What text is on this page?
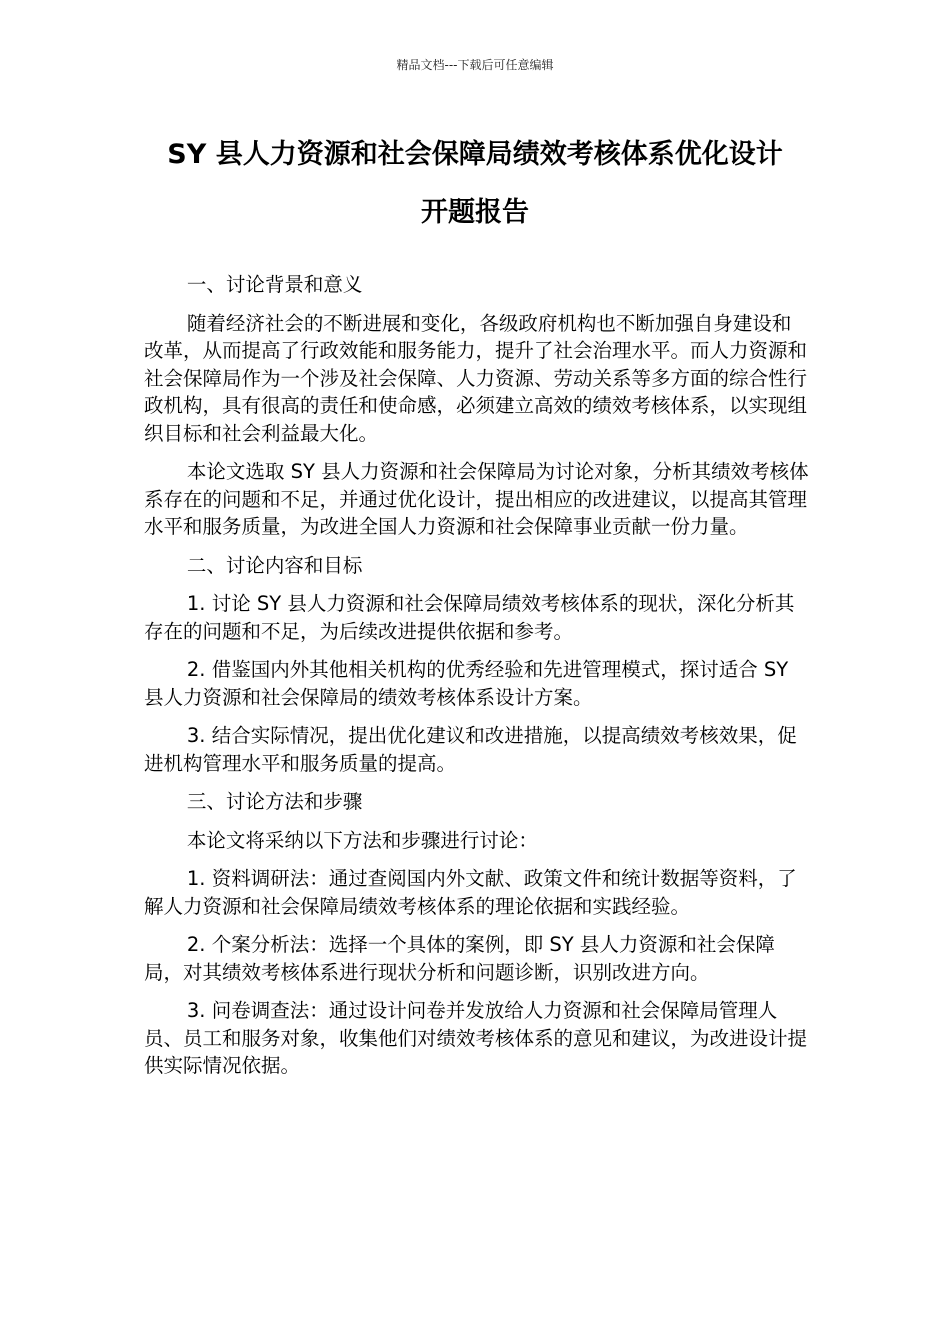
精品文档---下载后可任意编辑
SY 县人力资源和社会保障局绩效考核体系优化设计
开题报告

一、讨论背景和意义

随着经济社会的不断进展和变化，各级政府机构也不断加强自身建设和改革，从而提高了行政效能和服务能力，提升了社会治理水平。而人力资源和社会保障局作为一个涉及社会保障、人力资源、劳动关系等多方面的综合性行政机构，具有很高的责任和使命感，必须建立高效的绩效考核体系，以实现组织目标和社会利益最大化。

本论文选取 SY 县人力资源和社会保障局为讨论对象，分析其绩效考核体系存在的问题和不足，并通过优化设计，提出相应的改进建议，以提高其管理水平和服务质量，为改进全国人力资源和社会保障事业贡献一份力量。

二、讨论内容和目标

1. 讨论 SY 县人力资源和社会保障局绩效考核体系的现状，深化分析其存在的问题和不足，为后续改进提供依据和参考。

2. 借鉴国内外其他相关机构的优秀经验和先进管理模式，探讨适合 SY 县人力资源和社会保障局的绩效考核体系设计方案。

3. 结合实际情况，提出优化建议和改进措施，以提高绩效考核效果，促进机构管理水平和服务质量的提高。

三、讨论方法和步骤

本论文将采纳以下方法和步骤进行讨论：

1. 资料调研法：通过查阅国内外文献、政策文件和统计数据等资料，了解人力资源和社会保障局绩效考核体系的理论依据和实践经验。

2. 个案分析法：选择一个具体的案例，即 SY 县人力资源和社会保障局，对其绩效考核体系进行现状分析和问题诊断，识别改进方向。

3. 问卷调查法：通过设计问卷并发放给人力资源和社会保障局管理人员、员工和服务对象，收集他们对绩效考核体系的意见和建议，为改进设计提供实际情况依据。
